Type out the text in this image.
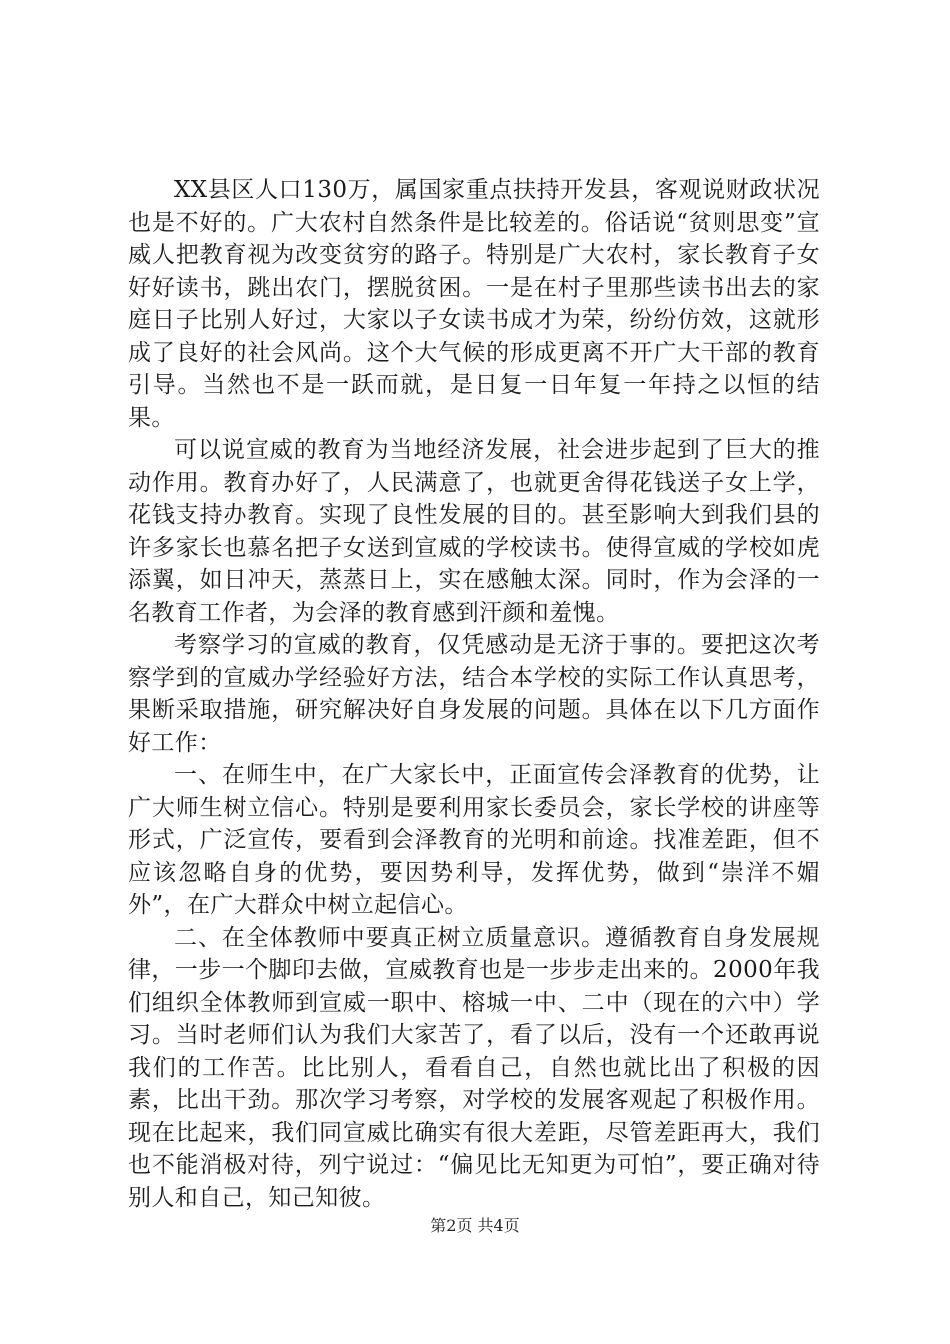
XX县区人口130万，属国家重点扶持开发县，客观说财政状况也是不好的。广大农村自然条件是比较差的。俗话说“贫则思变”宣威人把教育视为改变贫穷的路子。特别是广大农村，家长教育子女好好读书，跳出农门，摆脱贫困。一是在村子里那些读书出去的家庭日子比别人好过，大家以子女读书成才为荣，纷纷仿效，这就形成了良好的社会风尚。这个大气候的形成更离不开广大干部的教育引导。当然也不是一跃而就，是日复一日年复一年持之以恒的结果。

可以说宣威的教育为当地经济发展，社会进步起到了巨大的推动作用。教育办好了，人民满意了，也就更舍得花钱送子女上学，花钱支持办教育。实现了良性发展的目的。甚至影响大到我们县的许多家长也慕名把子女送到宣威的学校读书。使得宣威的学校如虎添翼，如日冲天，蒸蒸日上，实在感触太深。同时，作为会泽的一名教育工作者，为会泽的教育感到汗颜和羞愧。

考察学习的宣威的教育，仅凭感动是无济于事的。要把这次考察学到的宣威办学经验好方法，结合本学校的实际工作认真思考，果断采取措施，研究解决好自身发展的问题。具体在以下几方面作好工作：

一、在师生中，在广大家长中，正面宣传会泽教育的优势，让广大师生树立信心。特别是要利用家长委员会，家长学校的讲座等形式，广泛宣传，要看到会泽教育的光明和前途。找准差距，但不应该忽略自身的优势，要因势利导，发挥优势，做到“崇洋不媚外”，在广大群众中树立起信心。

二、在全体教师中要真正树立质量意识。遵循教育自身发展规律，一步一个脚印去做，宣威教育也是一步步走出来的。2000年我们组织全体教师到宣威一职中、榕城一中、二中（现在的六中）学习。当时老师们认为我们大家苦了，看了以后，没有一个还敢再说我们的工作苦。比比别人，看看自己，自然也就比出了积极的因素，比出干劲。那次学习考察，对学校的发展客观起了积极作用。现在比起来，我们同宣威比确实有很大差距，尽管差距再大，我们也不能消极对待，列宁说过：“偏见比无知更为可怕”，要正确对待别人和自己，知己知彼。

第2页 共4页
